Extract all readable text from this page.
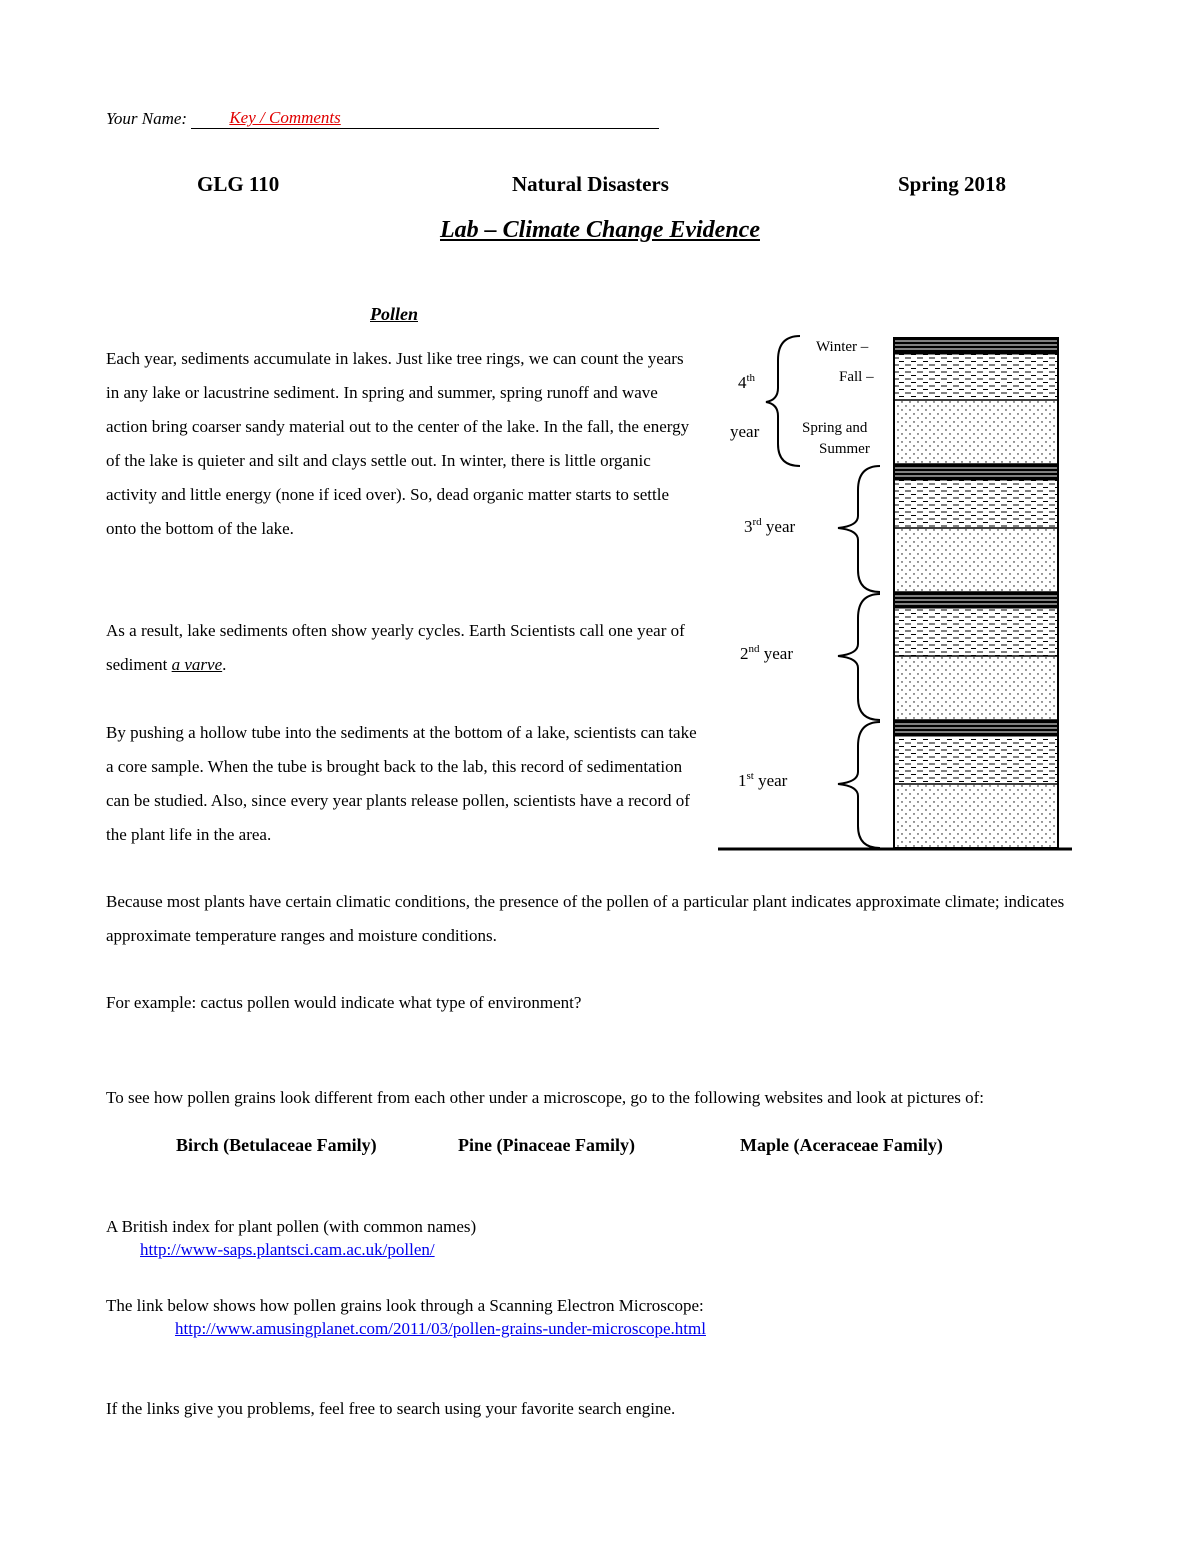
Your Name: Key / Comments
GLG 110	Natural Disasters	Spring 2018
Lab – Climate Change Evidence
Pollen
Each year, sediments accumulate in lakes. Just like tree rings, we can count the years in any lake or lacustrine sediment. In spring and summer, spring runoff and wave action bring coarser sandy material out to the center of the lake. In the fall, the energy of the lake is quieter and silt and clays settle out. In winter, there is little organic activity and little energy (none if iced over). So, dead organic matter starts to settle onto the bottom of the lake.
As a result, lake sediments often show yearly cycles. Earth Scientists call one year of sediment a varve.
By pushing a hollow tube into the sediments at the bottom of a lake, scientists can take a core sample. When the tube is brought back to the lab, this record of sedimentation can be studied. Also, since every year plants release pollen, scientists have a record of the plant life in the area.
Because most plants have certain climatic conditions, the presence of the pollen of a particular plant indicates approximate climate; indicates approximate temperature ranges and moisture conditions.
For example: cactus pollen would indicate what type of environment?
To see how pollen grains look different from each other under a microscope, go to the following websites and look at pictures of:
Birch (Betulaceae Family)	Pine (Pinaceae Family)	Maple (Aceraceae Family)
A British index for plant pollen (with common names)
http://www-saps.plantsci.cam.ac.uk/pollen/
The link below shows how pollen grains look through a Scanning Electron Microscope:
http://www.amusingplanet.com/2011/03/pollen-grains-under-microscope.html
If the links give you problems, feel free to search using your favorite search engine.
Winter –
Fall –
Spring and
Summer
4th
year
3rd year
2nd year
1st year
